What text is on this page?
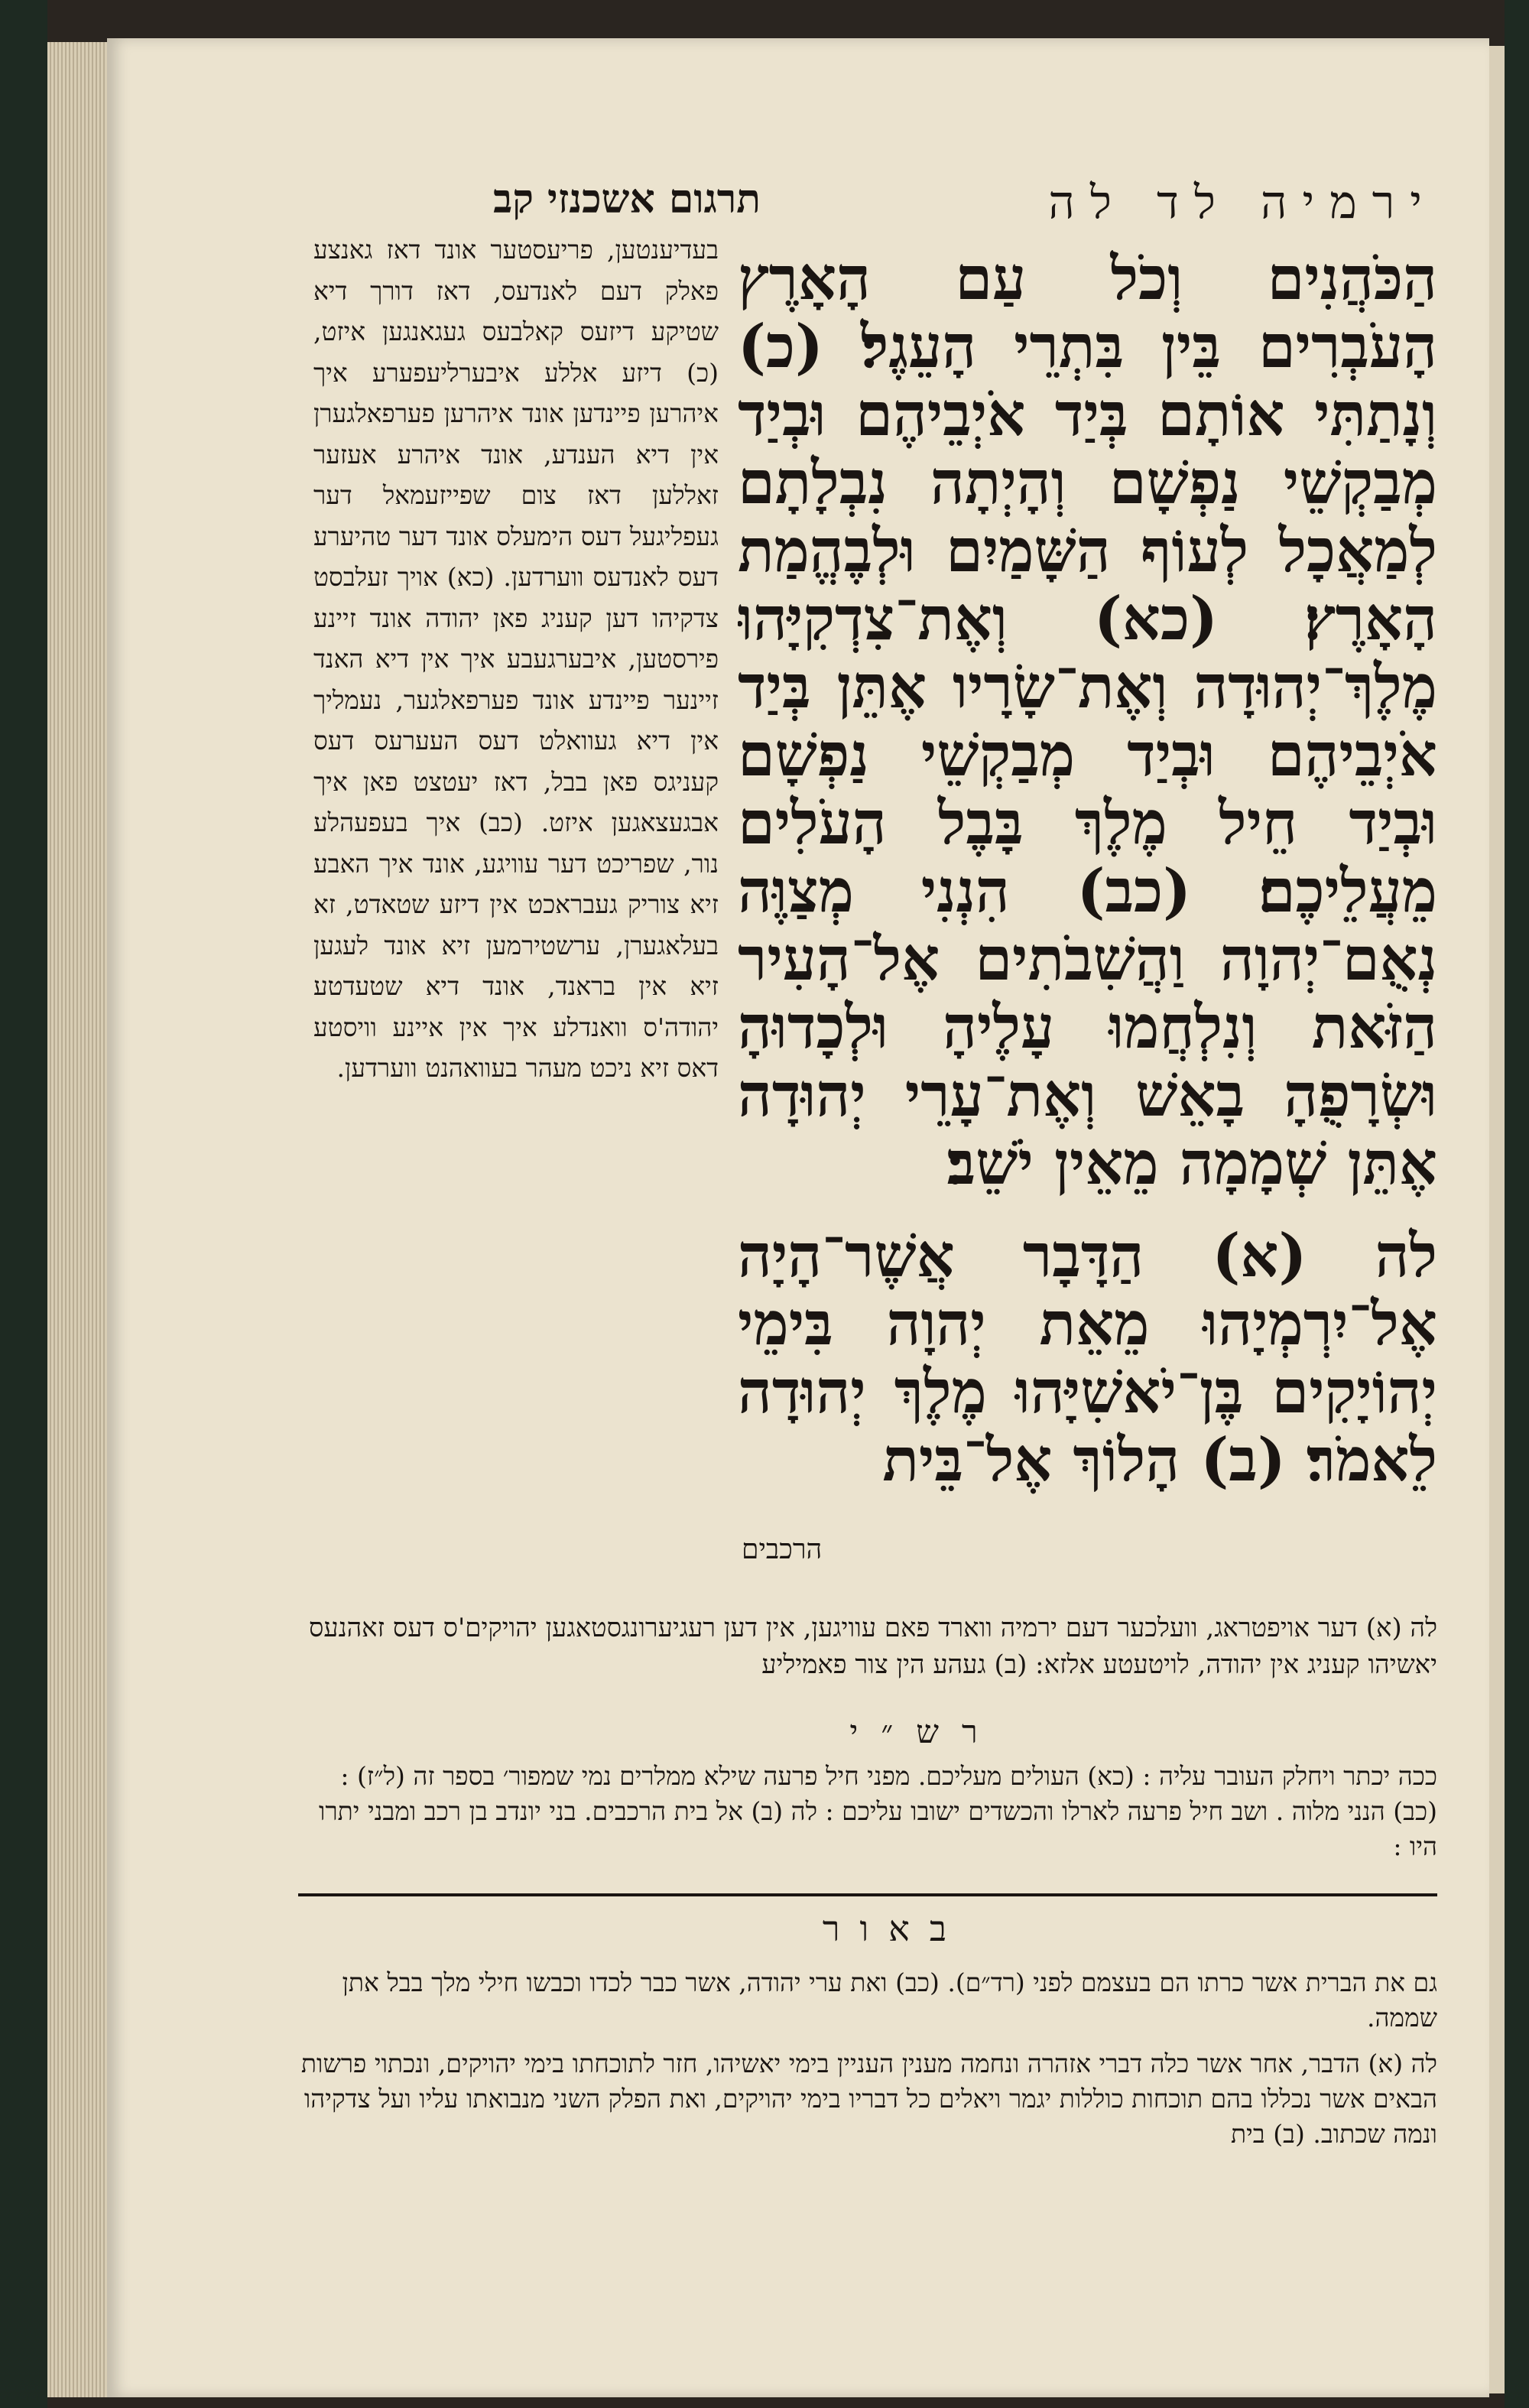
ירמיה לד לה
תרגום אשכנזי קב

הַכֹּהֲנִים וְכֹל עַם הָאָרֶץ הָעֹבְרִים בֵּין בִּתְרֵי הָעֵגֶל׃ (כ) וְנָתַתִּי אוֹתָם בְּיַד אֹיְבֵיהֶם וּבְיַד מְבַקְשֵׁי נַפְשָׁם וְהָיְתָה נִבְלָתָם לְמַאֲכָל לְעוֹף הַשָּׁמַיִם וּלְבֶהֱמַת הָאָרֶץ׃ (כא) וְאֶת־צִדְקִיָּהוּ מֶלֶךְ־יְהוּדָה וְאֶת־שָׂרָיו אֶתֵּן בְּיַד אֹיְבֵיהֶם וּבְיַד מְבַקְשֵׁי נַפְשָׁם וּבְיַד חֵיל מֶלֶךְ בָּבֶל הָעֹלִים מֵעֲלֵיכֶם׃ (כב) הִנְנִי מְצַוֶּה נְאֻם־יְהוָה וַהֲשִׁבֹתִים אֶל־הָעִיר הַזֹּאת וְנִלְחֲמוּ עָלֶיהָ וּלְכָדוּהָ וּשְׂרָפֻהָ בָאֵשׁ וְאֶת־עָרֵי יְהוּדָה אֶתֵּן שְׁמָמָה מֵאֵין יֹשֵׁב׃

לה (א) הַדָּבָר אֲשֶׁר־הָיָה אֶל־יִרְמְיָהוּ מֵאֵת יְהוָה בִּימֵי יְהוֹיָקִים בֶּן־יֹאשִׁיָּהוּ מֶלֶךְ יְהוּדָה לֵאמֹר׃ (ב) הָלוֹךְ אֶל־בֵּית

הרכבים

בעדיענטען, פריעסטער אונד דאז גאנצע פאלק דעם לאנדעס, דאז דורך דיא שטיקע דיזעס קאלבעס געגאנגען איזט, (כ) דיזע אללע איבערליעפערע איך איהרען פיינדען אונד איהרען פערפאלגערן אין דיא הענדע, אונד איהרע אעזער זאללען דאז צום שפייזעמאל דער געפליגעל דעס הימעלס אונד דער טהיערע דעס לאנדעס ווערדען. (כא) אויך זעלבסט צדקיהו דען קעניג פאן יהודה אונד זיינע פירסטען, איבערגעבע איך אין דיא האנד זיינער פיינדע אונד פערפאלגער, נעמליך אין דיא געוואלט דעס העערעס דעס קעניגס פאן בבל, דאז יעטצט פאן איך אבגעצאגען איזט. (כב) איך בעפעהלע נור, שפריכט דער עוויגע, אונד איך האבע זיא צוריק געבראכט אין דיזע שטאדט, זא בעלאגערן, ערשטירמען זיא אונד לעגען זיא אין בראנד, אונד דיא שטעדטע יהודה'ס וואנדלע איך אין איינע וויסטע דאס זיא ניכט מעהר בעוואהנט ווערדען.

לה (א) דער אויפטראג, וועלכער דעם ירמיה ווארד פאם עוויגען, אין דען רעגיערונגסטאגען יהויקים'ס דעס זאהנעס יאשיהו קעניג אין יהודה, לויטעטע אלזא: (ב) געהע הין צור פאמיליע

רש״י

ככה יכתר ויחלק העובר עליה : (כא) העולים מעליכם. מפני חיל פרעה שילא ממלרים נמי שמפור׳ בספר זה (ל״ז) : (כב) הנני מלוה . ושב חיל פרעה לארלו והכשדים ישובו עליכם : לה (ב) אל בית הרכבים. בני יונדב בן רכב ומבני יתרו היו :

באור

גם את הברית אשר כרתו הם בעצמם לפני (רד״ם). (כב) ואת ערי יהודה, אשר כבר לכדו וכבשו חילי מלך בבל אתן שממה.

לה (א) הדבר, אחר אשר כלה דברי אזהרה ונחמה מענין העניין בימי יאשיהו, חזר לתוכחתו בימי יהויקים, ונכתוי פרשות הבאים אשר נכללו בהם תוכחות כוללות יגמר ויאלים כל דבריו בימי יהויקים, ואת הפלק השני מנבואתו עליו ועל צדקיהו ונמה שכתוב. (ב) בית
